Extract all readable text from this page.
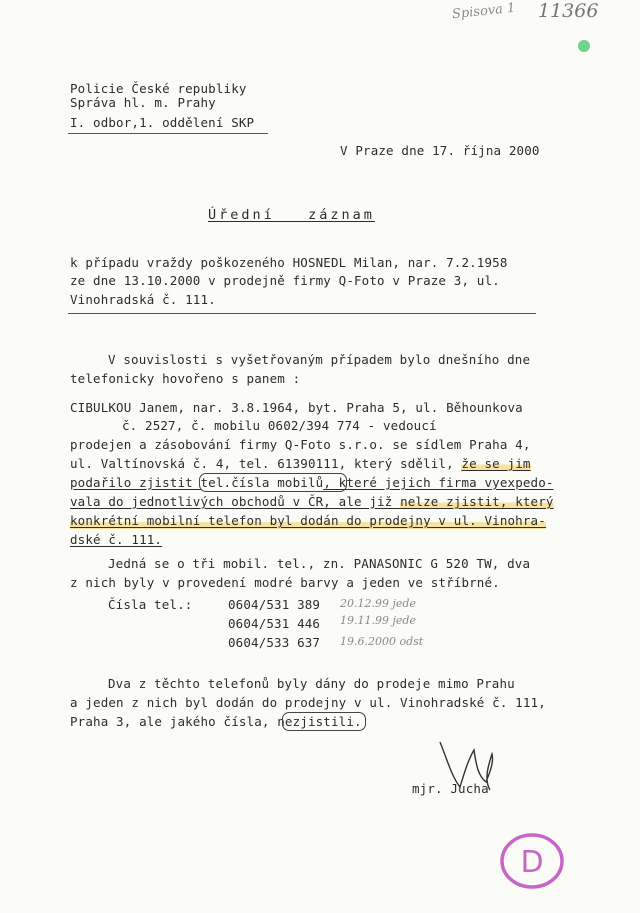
Spisova 1 11366
Policie České republiky
Správa hl. m. Prahy
I. odbor,1. oddělení SKP
V Praze dne 17. října 2000
Úřední   záznam
k případu vraždy poškozeného HOSNEDL Milan, nar. 7.2.1958
ze dne 13.10.2000 v prodejně firmy Q-Foto v Praze 3, ul.
Vinohradská č. 111.
V souvislosti s vyšetřovaným případem bylo dnešního dne
telefonicky hovořeno s panem :
CIBULKOU Janem, nar. 3.8.1964, byt. Praha 5, ul. Běhounkova
č. 2527, č. mobilu 0602/394 774 - vedoucí
prodejen a zásobování firmy Q-Foto s.r.o. se sídlem Praha 4,
ul. Valtínovská č. 4, tel. 61390111, který sdělil, že se jim
podařilo zjistit tel.čísla mobilů, které jejich firma vyexpedo-
vala do jednotlivých obchodů v ČR, ale již nelze zjistit, který
konkrétní mobilní telefon byl dodán do prodejny v ul. Vinohra-
dské č. 111.
Jedná se o tři mobil. tel., zn. PANASONIC G 520 TW, dva
z nich byly v provedení modré barvy a jeden ve stříbrné.
Čísla tel.:	0604/531 389 20.12.99 jede
0604/531 446 19.11.99 jede
0604/533 637 19.6.2000 odst
Dva z těchto telefonů byly dány do prodeje mimo Prahu
a jeden z nich byl dodán do prodejny v ul. Vinohradské č. 111,
Praha 3, ale jakého čísla, nezjistili.
mjr. Jucha
D
